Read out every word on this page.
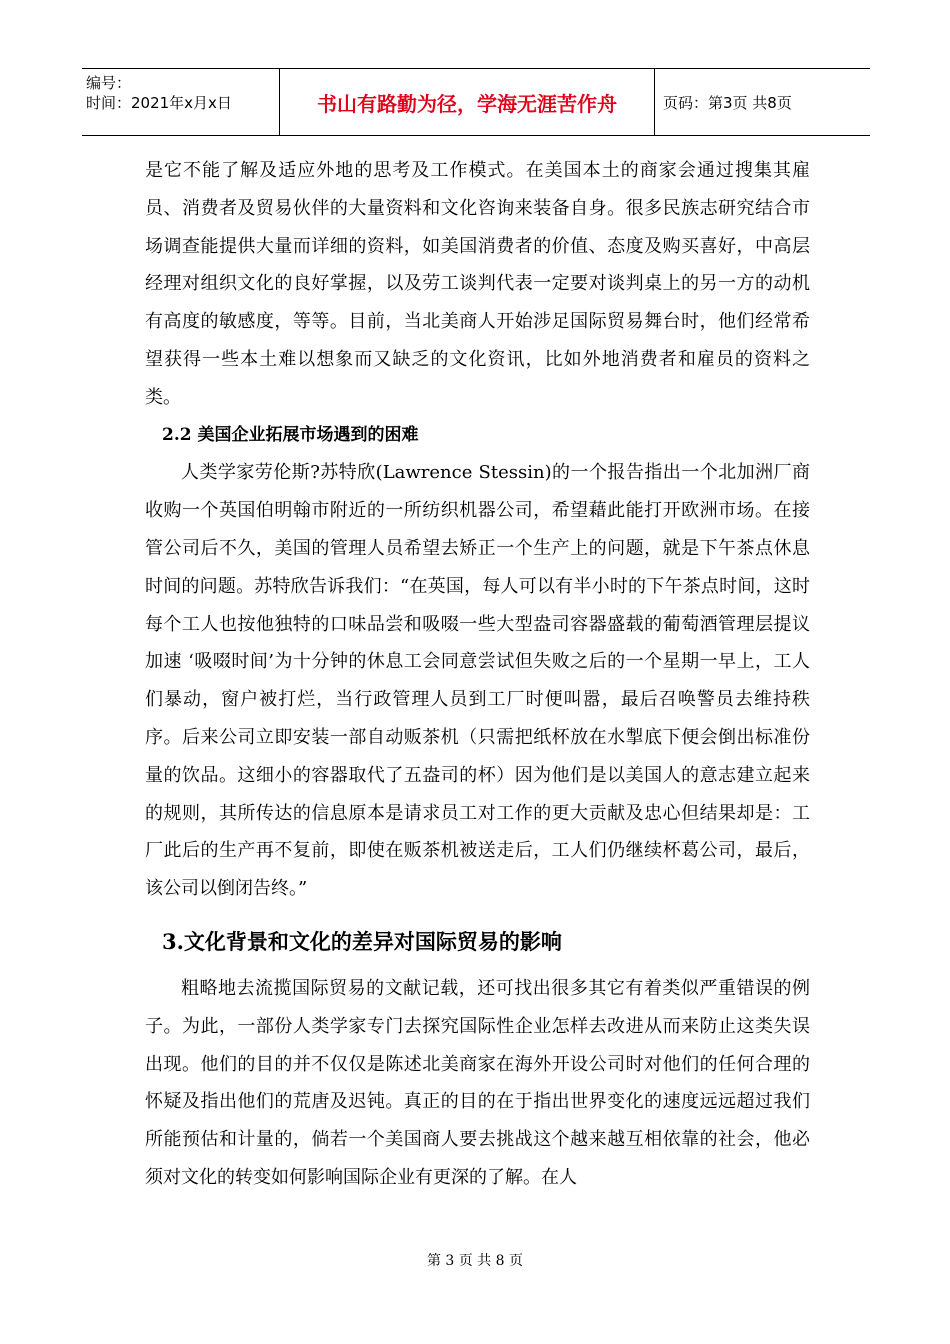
编号：
时间：2021年x月x日	书山有路勤为径，学海无涯苦作舟	页码：第3页 共8页

是它不能了解及适应外地的思考及工作模式。在美国本土的商家会通过搜集其雇员、消费者及贸易伙伴的大量资料和文化咨询来装备自身。很多民族志研究结合市场调查能提供大量而详细的资料，如美国消费者的价值、态度及购买喜好，中高层经理对组织文化的良好掌握，以及劳工谈判代表一定要对谈判桌上的另一方的动机有高度的敏感度，等等。目前，当北美商人开始涉足国际贸易舞台时，他们经常希望获得一些本土难以想象而又缺乏的文化资讯，比如外地消费者和雇员的资料之类。

2.2 美国企业拓展市场遇到的困难

人类学家劳伦斯?苏特欣(Lawrence Stessin)的一个报告指出一个北加洲厂商收购一个英国伯明翰市附近的一所纺织机器公司，希望藉此能打开欧洲市场。在接管公司后不久，美国的管理人员希望去矫正一个生产上的问题，就是下午茶点休息时间的问题。苏特欣告诉我们：“在英国，每人可以有半小时的下午茶点时间，这时每个工人也按他独特的口味品尝和吸啜一些大型盎司容器盛载的葡萄酒管理层提议加速 ‘吸啜时间’为十分钟的休息工会同意尝试但失败之后的一个星期一早上，工人们暴动，窗户被打烂，当行政管理人员到工厂时便叫嚣，最后召唤警员去维持秩序。后来公司立即安装一部自动贩茶机（只需把纸杯放在水掣底下便会倒出标准份量的饮品。这细小的容器取代了五盎司的杯）因为他们是以美国人的意志建立起来的规则，其所传达的信息原本是请求员工对工作的更大贡献及忠心但结果却是：工厂此后的生产再不复前，即使在贩茶机被送走后，工人们仍继续杯葛公司，最后，该公司以倒闭告终。”

3.文化背景和文化的差异对国际贸易的影响

粗略地去流揽国际贸易的文献记载，还可找出很多其它有着类似严重错误的例子。为此，一部份人类学家专门去探究国际性企业怎样去改进从而来防止这类失误出现。他们的目的并不仅仅是陈述北美商家在海外开设公司时对他们的任何合理的怀疑及指出他们的荒唐及迟钝。真正的目的在于指出世界变化的速度远远超过我们所能预估和计量的，倘若一个美国商人要去挑战这个越来越互相依靠的社会，他必须对文化的转变如何影响国际企业有更深的了解。在人

第 3 页 共 8 页
